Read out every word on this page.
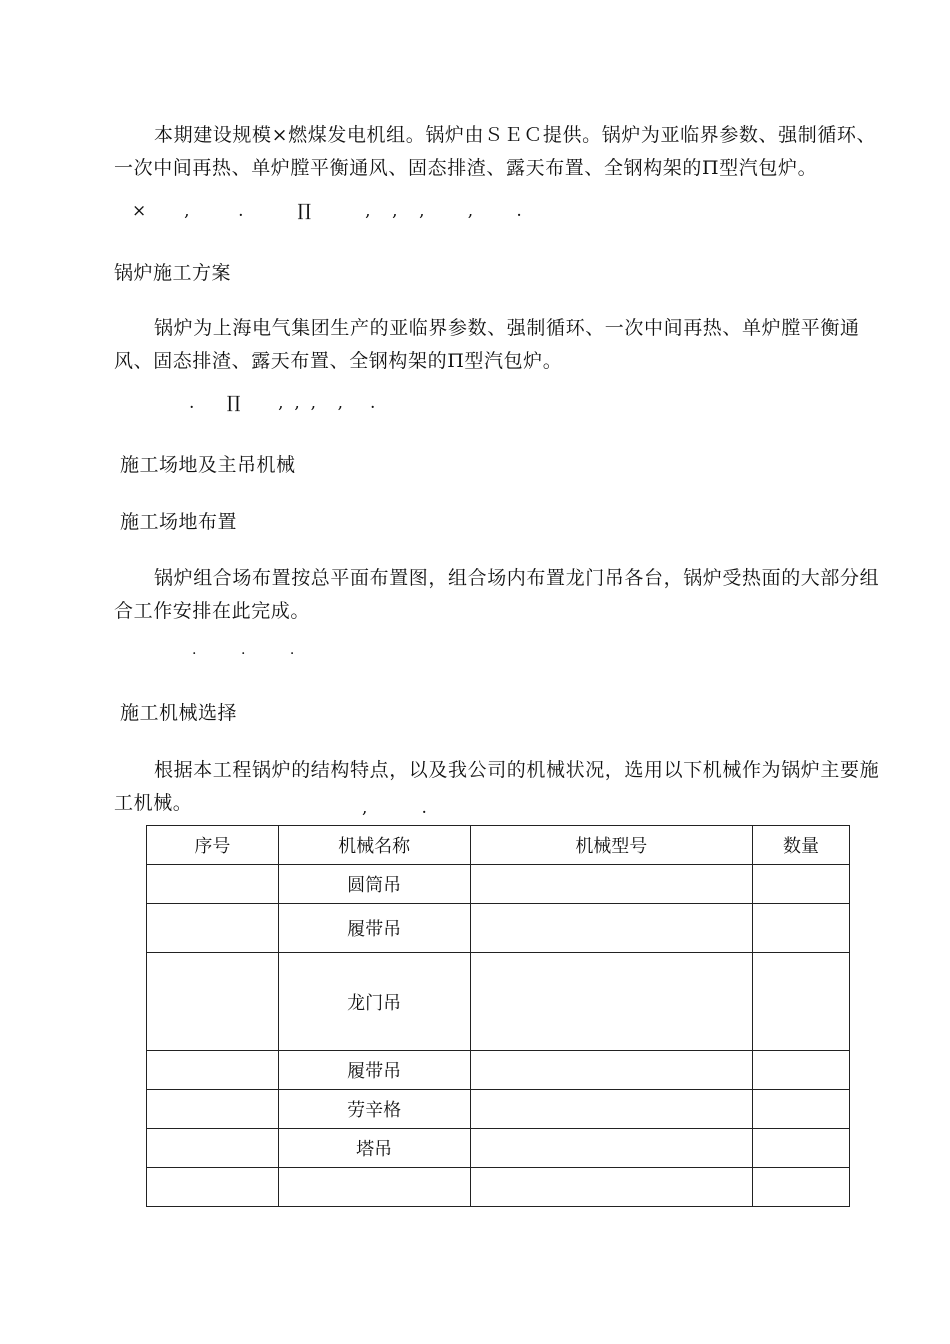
本期建设规模×燃煤发电机组。锅炉由ＳＥＣ提供。锅炉为亚临界参数、强制循环、一次中间再热、单炉膛平衡通风、固态排渣、露天布置、全钢构架的Π型汽包炉。
×       ,         .          ∏          ,    ,    ,        ,        .
锅炉施工方案
锅炉为上海电气集团生产的亚临界参数、强制循环、一次中间再热、单炉膛平衡通风、固态排渣、露天布置、全钢构架的Π型汽包炉。
.      ∏       ,  ,  ,    ,     .
施工场地及主吊机械
施工场地布置
锅炉组合场布置按总平面布置图，组合场内布置龙门吊各台，锅炉受热面的大部分组合工作安排在此完成。
.          .          .
施工机械选择
根据本工程锅炉的结构特点，以及我公司的机械状况，选用以下机械作为锅炉主要施工机械。	,          .
序号	机械名称	机械型号	数量
	圆筒吊		
	履带吊		
	龙门吊		
	履带吊		
	劳辛格		
	塔吊		
